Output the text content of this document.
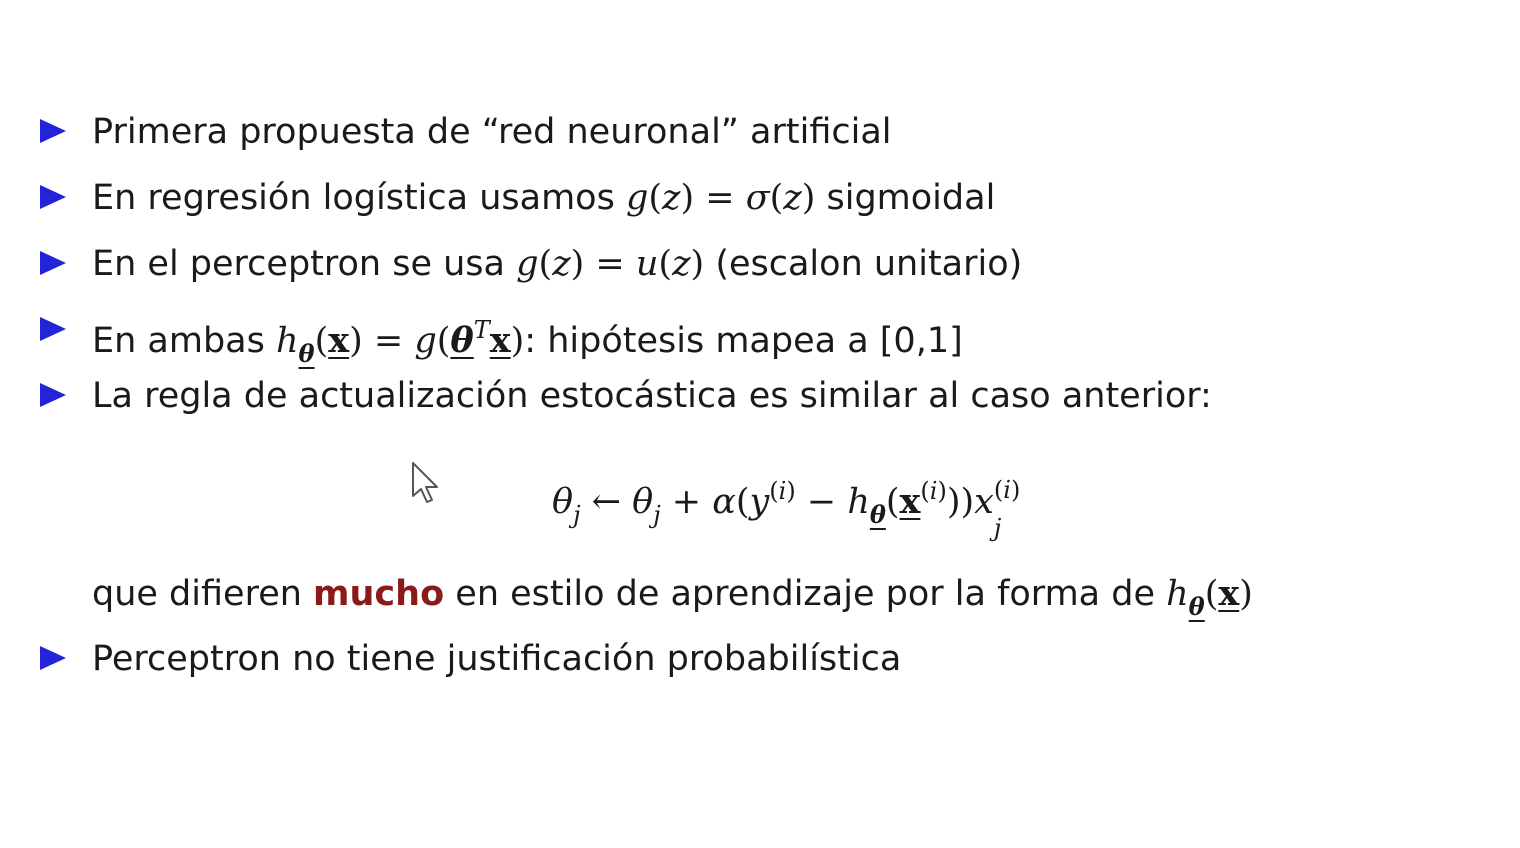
Primera propuesta de “red neuronal” artificial
En regresión logística usamos g(z) = σ(z) sigmoidal
En el perceptron se usa g(z) = u(z) (escalon unitario)
En ambas $h_\theta(x) = g(\theta^Tx)$: hipótesis mapea a [0,1]
La regla de actualización estocástica es similar al caso anterior:
$\theta_j$ ← $\theta_j + \alpha(y^{(i)} - h_\theta(x^{(i)}))x$ (i)
j
que difieren mucho en estilo de aprendizaje por la forma de $h_\theta(x)$
Perceptron no tiene justificación probabilística
